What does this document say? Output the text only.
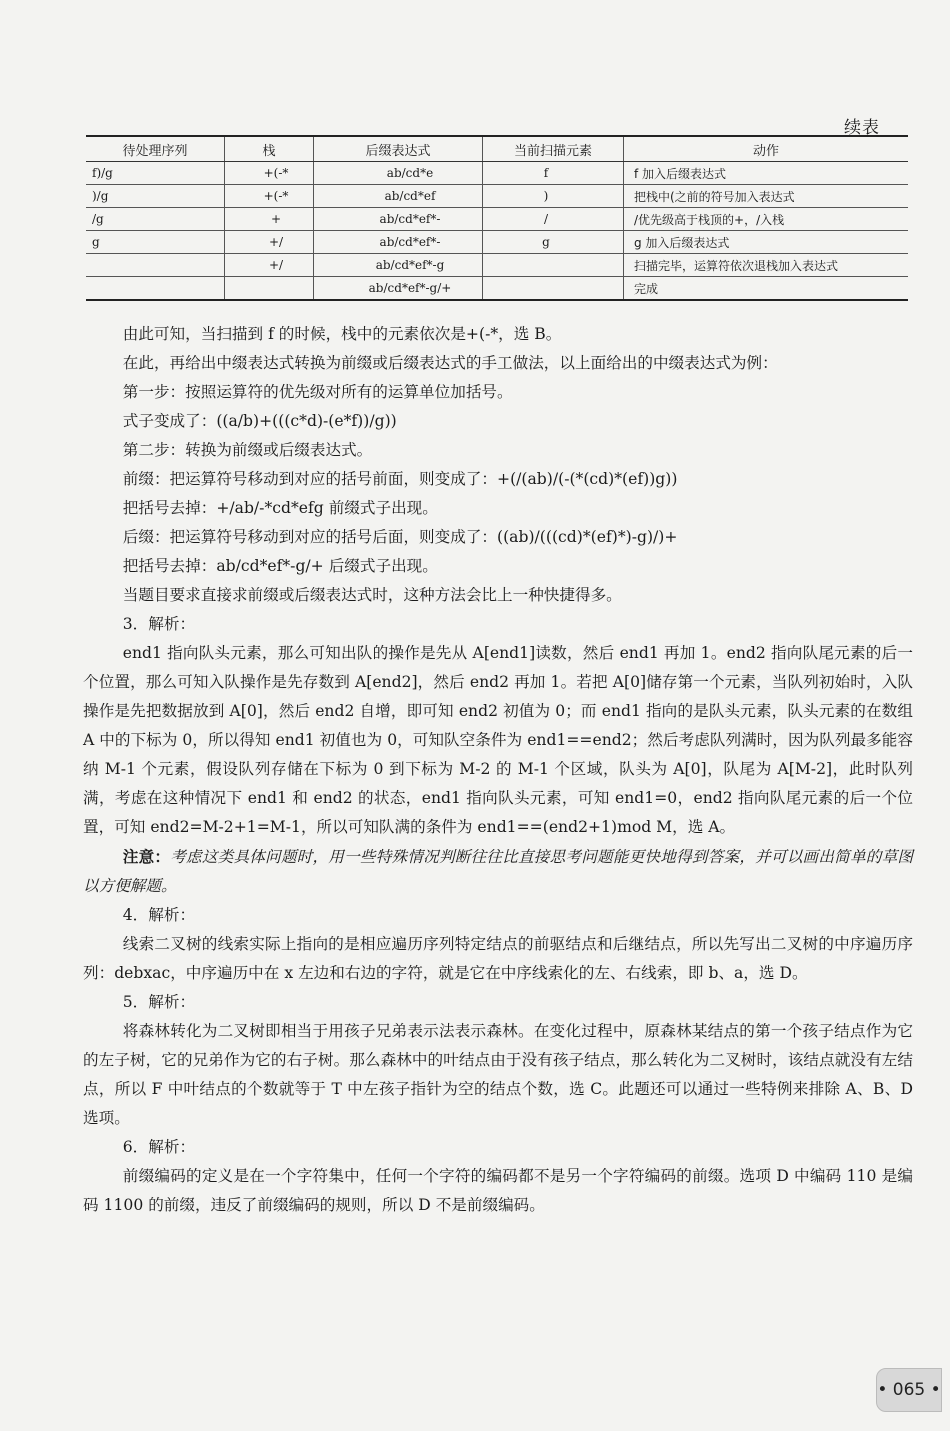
续表
待处理序列	栈	后缀表达式	当前扫描元素	动作
f)/g	+(-*	ab/cd*e	f	f 加入后缀表达式
)/g	+(-*	ab/cd*ef	)	把栈中(之前的符号加入表达式
/g	+	ab/cd*ef*-	/	/优先级高于栈顶的+，/入栈
g	+/	ab/cd*ef*-	g	g 加入后缀表达式
	+/	ab/cd*ef*-g		扫描完毕，运算符依次退栈加入表达式
		ab/cd*ef*-g/+		完成

由此可知，当扫描到 f 的时候，栈中的元素依次是+(-*，选 B。

在此，再给出中缀表达式转换为前缀或后缀表达式的手工做法，以上面给出的中缀表达式为例：

第一步：按照运算符的优先级对所有的运算单位加括号。

式子变成了：((a/b)+(((c*d)-(e*f))/g))

第二步：转换为前缀或后缀表达式。

前缀：把运算符号移动到对应的括号前面，则变成了：+(/(ab)/(-(*(cd)*(ef))g))

把括号去掉：+/ab/-*cd*efg 前缀式子出现。

后缀：把运算符号移动到对应的括号后面，则变成了：((ab)/(((cd)*(ef)*)-g)/)+

把括号去掉：ab/cd*ef*-g/+ 后缀式子出现。

当题目要求直接求前缀或后缀表达式时，这种方法会比上一种快捷得多。

3．解析：

end1 指向队头元素，那么可知出队的操作是先从 A[end1]读数，然后 end1 再加 1。end2 指向队尾元素的后一个位置，那么可知入队操作是先存数到 A[end2]，然后 end2 再加 1。若把 A[0]储存第一个元素，当队列初始时，入队操作是先把数据放到 A[0]，然后 end2 自增，即可知 end2 初值为 0；而 end1 指向的是队头元素，队头元素的在数组 A 中的下标为 0，所以得知 end1 初值也为 0，可知队空条件为 end1==end2；然后考虑队列满时，因为队列最多能容纳 M-1 个元素，假设队列存储在下标为 0 到下标为 M-2 的 M-1 个区域，队头为 A[0]，队尾为 A[M-2]，此时队列满，考虑在这种情况下 end1 和 end2 的状态，end1 指向队头元素，可知 end1=0，end2 指向队尾元素的后一个位置，可知 end2=M-2+1=M-1，所以可知队满的条件为 end1==(end2+1)mod M，选 A。

注意：考虑这类具体问题时，用一些特殊情况判断往往比直接思考问题能更快地得到答案，并可以画出简单的草图以方便解题。

4．解析：

线索二叉树的线索实际上指向的是相应遍历序列特定结点的前驱结点和后继结点，所以先写出二叉树的中序遍历序列：debxac，中序遍历中在 x 左边和右边的字符，就是它在中序线索化的左、右线索，即 b、a，选 D。

5．解析：

将森林转化为二叉树即相当于用孩子兄弟表示法表示森林。在变化过程中，原森林某结点的第一个孩子结点作为它的左子树，它的兄弟作为它的右子树。那么森林中的叶结点由于没有孩子结点，那么转化为二叉树时，该结点就没有左结点，所以 F 中叶结点的个数就等于 T 中左孩子指针为空的结点个数，选 C。此题还可以通过一些特例来排除 A、B、D 选项。

6．解析：

前缀编码的定义是在一个字符集中，任何一个字符的编码都不是另一个字符编码的前缀。选项 D 中编码 110 是编码 1100 的前缀，违反了前缀编码的规则，所以 D 不是前缀编码。

• 065 •
